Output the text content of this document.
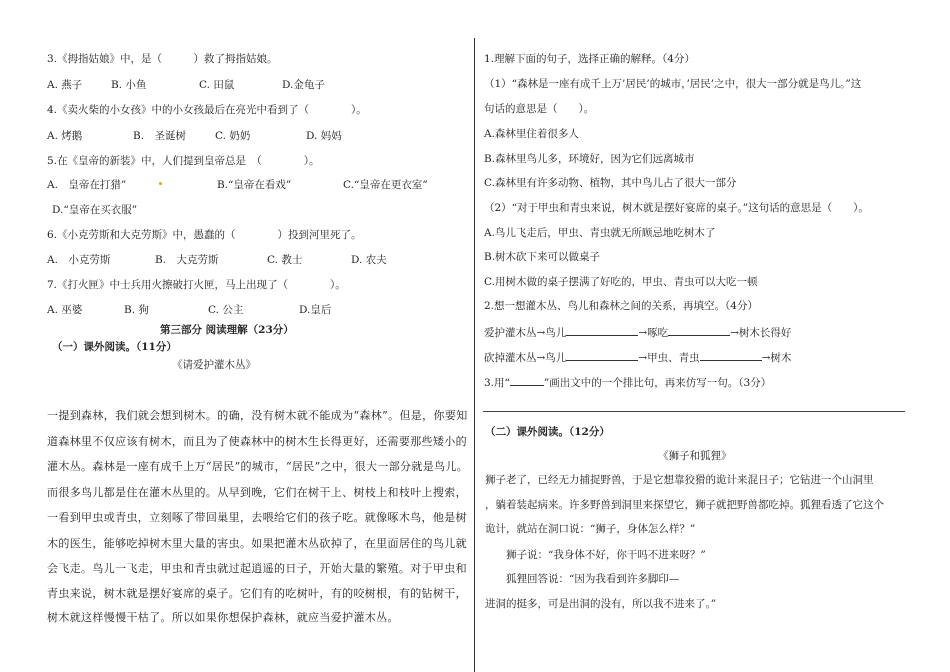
3.《拇指姑娘》中，是（　　　）救了拇指姑娘。
A. 燕子	B. 小鱼	C. 田鼠	D.金龟子
4.《卖火柴的小女孩》中的小女孩最后在亮光中看到了（　　　　）。
A. 烤鹅	B.　圣诞树	C. 奶奶	D. 妈妈
5.在《皇帝的新装》中，人们提到皇帝总是　（　　　　）。
A.　皇帝在打猎”	B.“皇帝在看戏”	C.“皇帝在更衣室”
D.“皇帝在买衣服”
6.《小克劳斯和大克劳斯》中，愚蠢的（　　　　）投到河里死了。
A.　小克劳斯	B.　大克劳斯	C. 教士	D. 农夫
7.《打火匣》中士兵用火擦破打火匣，马上出现了（　　　　）。
A. 巫婆	B. 狗	C. 公主	D.皇后
第三部分 阅读理解（23分）
（一）课外阅读。（11分）
《请爱护灌木丛》
一提到森林，我们就会想到树木。的确，没有树木就不能成为“森林”。但是，你要知
道森林里不仅应该有树木，而且为了使森林中的树木生长得更好，还需要那些矮小的
灌木丛。森林是一座有成千上万“居民”的城市，“居民”之中，很大一部分就是鸟儿。
而很多鸟儿都是住在灌木丛里的。从早到晚，它们在树干上、树枝上和枝叶上搜索，
一看到甲虫或青虫，立刻啄了带回巢里，去喂给它们的孩子吃。就像啄木鸟，他是树
木的医生，能够吃掉树木里大量的害虫。如果把灌木丛砍掉了，在里面居住的鸟儿就
会飞走。鸟儿一飞走，甲虫和青虫就过起逍遥的日子，开始大量的繁殖。对于甲虫和
青虫来说，树木就是摆好宴席的桌子。它们有的吃树叶，有的咬树根，有的钻树干，
树木就这样慢慢干枯了。所以如果你想保护森林，就应当爱护灌木丛。
1.理解下面的句子，选择正确的解释。（4分）
（1）“森林是一座有成千上万’居民’的城市，’居民’之中，很大一部分就是鸟儿。”这
句话的意思是（　　）。
A.森林里住着很多人
B.森林里鸟儿多，环境好，因为它们远离城市
C.森林里有许多动物、植物，其中鸟儿占了很大一部分
（2）“对于甲虫和青虫来说，树木就是摆好宴席的桌子。”这句话的意思是（　　）。
A.鸟儿飞走后，甲虫、青虫就无所顾忌地吃树木了
B.树木砍下来可以做桌子
C.用树木做的桌子摆满了好吃的，甲虫、青虫可以大吃一顿
2.想一想灌木丛、鸟儿和森林之间的关系，再填空。（4分）
爱护灌木丛→鸟儿	→啄吃	→树木长得好
砍掉灌木丛→鸟儿	→甲虫、青虫	→树木
3.用“	”画出文中的一个排比句，再来仿写一句。（3分）
（二）课外阅读。（12分）
《狮子和狐狸》
狮子老了，已经无力捕捉野兽，于是它想靠狡猾的诡计来混日子；它钻进一个山洞里
，躺着装起病来。许多野兽到洞里来探望它，狮子就把野兽都吃掉。狐狸看透了它这个
诡计，就站在洞口说：“狮子，身体怎么样？”
狮子说：“我身体不好，你干吗不进来呀？”
狐狸回答说：“因为我看到许多脚印—
进洞的挺多，可是出洞的没有，所以我不进来了。”
